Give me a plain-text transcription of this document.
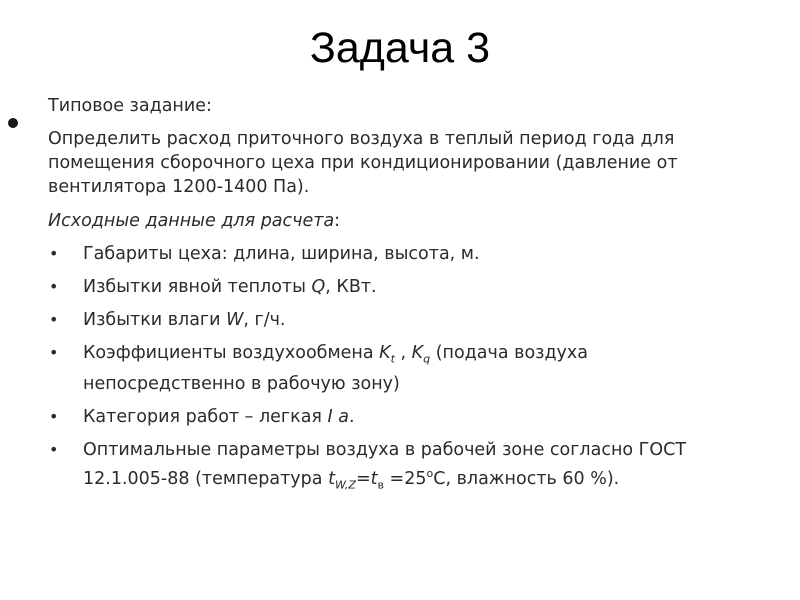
Задача 3

Типовое задание:

Определить расход приточного воздуха в теплый период года для помещения сборочного цеха при кондиционировании (давление от вентилятора 1200-1400 Па).

Исходные данные для расчета:

• Габариты цеха: длина, ширина, высота, м.
• Избытки явной теплоты Q, КВт.
• Избытки влаги W, г/ч.
• Коэффициенты воздухообмена $K_t$ , $K_q$ (подача воздуха непосредственно в рабочую зону)
• Категория работ – легкая I a.
• Оптимальные параметры воздуха в рабочей зоне согласно ГОСТ 12.1.005-88 (температура $t_{W,Z}=t_в =25^оС$, влажность 60 %).
